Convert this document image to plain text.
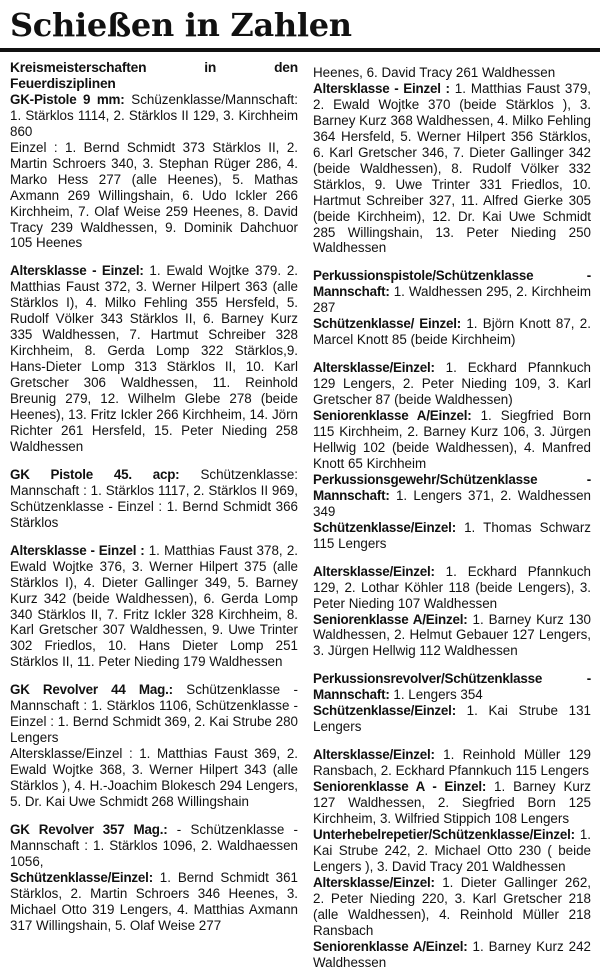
Schießen in Zahlen

Kreismeisterschaften in den Feuerdisziplinen

GK-Pistole 9 mm: Schüzenklasse/Mannschaft: 1. Stärklos 1114, 2. Stärklos II 129, 3. Kirchheim 860

Einzel : 1. Bernd Schmidt 373 Stärklos II, 2. Martin Schroers 340, 3. Stephan Rüger 286, 4. Marko Hess 277 (alle Heenes), 5. Mathas Axmann 269 Willingshain, 6. Udo Ickler 266 Kirchheim, 7. Olaf Weise 259 Heenes, 8. David Tracy 239 Waldhessen, 9. Dominik Dahchuor 105 Heenes

Altersklasse - Einzel: 1. Ewald Wojtke 379. 2. Matthias Faust 372, 3. Werner Hilpert 363 (alle Stärklos I), 4. Milko Fehling 355 Hersfeld, 5. Rudolf Völker 343 Stärklos II, 6. Barney Kurz 335 Waldhessen, 7. Hartmut Schreiber 328 Kirchheim, 8. Gerda Lomp 322 Stärklos,9. Hans-Dieter Lomp 313 Stärklos II, 10. Karl Gretscher 306 Waldhessen, 11. Reinhold Breunig 279, 12. Wilhelm Glebe 278 (beide Heenes), 13. Fritz Ickler 266 Kirchheim, 14. Jörn Richter 261 Hersfeld, 15. Peter Nieding 258 Waldhessen

GK Pistole 45. acp: Schützenklasse: Mannschaft : 1. Stärklos 1117, 2. Stärklos II 969, Schützenklasse - Einzel : 1. Bernd Schmidt 366 Stärklos

Altersklasse - Einzel : 1. Matthias Faust 378, 2. Ewald Wojtke 376, 3. Werner Hilpert 375 (alle Stärklos I), 4. Dieter Gallinger 349, 5. Barney Kurz 342 (beide Waldhessen), 6. Gerda Lomp 340 Stärklos II, 7. Fritz Ickler 328 Kirchheim, 8. Karl Gretscher 307 Waldhessen, 9. Uwe Trinter 302 Friedlos, 10. Hans Dieter Lomp 251 Stärklos II, 11. Peter Nieding 179 Waldhessen

GK Revolver 44 Mag.: Schützenklasse - Mannschaft : 1. Stärklos 1106, Schützenklasse - Einzel : 1. Bernd Schmidt 369, 2. Kai Strube 280 Lengers

Altersklasse/Einzel : 1. Matthias Faust 369, 2. Ewald Wojtke 368, 3. Werner Hilpert 343 (alle Stärklos ), 4. H.-Joachim Blokesch 294 Lengers, 5. Dr. Kai Uwe Schmidt 268 Willingshain

GK Revolver 357 Mag.: - Schützenklasse - Mannschaft : 1. Stärklos 1096, 2. Waldhaessen 1056,

Schützenklasse/Einzel: 1. Bernd Schmidt 361 Stärklos, 2. Martin Schroers 346 Heenes, 3. Michael Otto 319 Lengers, 4. Matthias Axmann 317 Willingshain, 5. Olaf Weise 277

Heenes, 6. David Tracy 261 Waldhessen

Altersklasse - Einzel : 1. Matthias Faust 379, 2. Ewald Wojtke 370 (beide Stärklos ), 3. Barney Kurz 368 Waldhessen, 4. Milko Fehling 364 Hersfeld, 5. Werner Hilpert 356 Stärklos, 6. Karl Gretscher 346, 7. Dieter Gallinger 342 (beide Waldhessen), 8. Rudolf Völker 332 Stärklos, 9. Uwe Trinter 331 Friedlos, 10. Hartmut Schreiber 327, 11. Alfred Gierke 305 (beide Kirchheim), 12. Dr. Kai Uwe Schmidt 285 Willingshain, 13. Peter Nieding 250 Waldhessen

Perkussionspistole/Schützenklasse - Mannschaft: 1. Waldhessen 295, 2. Kirchheim 287

Schützenklasse/ Einzel: 1. Björn Knott 87, 2. Marcel Knott 85 (beide Kirchheim)

Altersklasse/Einzel: 1. Eckhard Pfannkuch 129 Lengers, 2. Peter Nieding 109, 3. Karl Gretscher 87 (beide Waldhessen)

Seniorenklasse A/Einzel: 1. Siegfried Born 115 Kirchheim, 2. Barney Kurz 106, 3. Jürgen Hellwig 102 (beide Waldhessen), 4. Manfred Knott 65 Kirchheim

Perkussionsgewehr/Schützenklasse - Mannschaft: 1. Lengers 371, 2. Waldhessen 349

Schützenklasse/Einzel: 1. Thomas Schwarz 115 Lengers

Altersklasse/Einzel: 1. Eckhard Pfannkuch 129, 2. Lothar Köhler 118 (beide Lengers), 3. Peter Nieding 107 Waldhessen

Seniorenklasse A/Einzel: 1. Barney Kurz 130 Waldhessen, 2. Helmut Gebauer 127 Lengers, 3. Jürgen Hellwig 112 Waldhessen

Perkussionsrevolver/Schützenklasse - Mannschaft: 1. Lengers 354

Schützenklasse/Einzel: 1. Kai Strube 131 Lengers

Altersklasse/Einzel: 1. Reinhold Müller 129 Ransbach, 2. Eckhard Pfannkuch 115 Lengers

Seniorenklasse A - Einzel: 1. Barney Kurz 127 Waldhessen, 2. Siegfried Born 125 Kirchheim, 3. Wilfried Stippich 108 Lengers

Unterhebelrepetier/Schützenklasse/Einzel: 1. Kai Strube 242, 2. Michael Otto 230 ( beide Lengers ), 3. David Tracy 201 Waldhessen

Altersklasse/Einzel: 1. Dieter Gallinger 262, 2. Peter Nieding 220, 3. Karl Gretscher 218 (alle Waldhessen), 4. Reinhold Müller 218 Ransbach

Seniorenklasse A/Einzel: 1. Barney Kurz 242 Waldhessen
